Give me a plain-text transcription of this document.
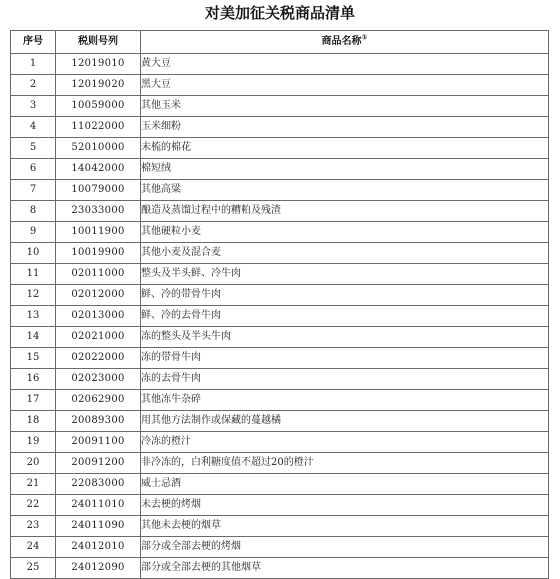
对美加征关税商品清单
序号	税则号列	商品名称①
1	12019010	黄大豆
2	12019020	黑大豆
3	10059000	其他玉米
4	11022000	玉米细粉
5	52010000	未梳的棉花
6	14042000	棉短绒
7	10079000	其他高粱
8	23033000	酿造及蒸馏过程中的糟粕及残渣
9	10011900	其他硬粒小麦
10	10019900	其他小麦及混合麦
11	02011000	整头及半头鲜、冷牛肉
12	02012000	鲜、冷的带骨牛肉
13	02013000	鲜、冷的去骨牛肉
14	02021000	冻的整头及半头牛肉
15	02022000	冻的带骨牛肉
16	02023000	冻的去骨牛肉
17	02062900	其他冻牛杂碎
18	20089300	用其他方法制作或保藏的蔓越橘
19	20091100	冷冻的橙汁
20	20091200	非冷冻的，白利糖度值不超过20的橙汁
21	22083000	威士忌酒
22	24011010	未去梗的烤烟
23	24011090	其他未去梗的烟草
24	24012010	部分或全部去梗的烤烟
25	24012090	部分或全部去梗的其他烟草
